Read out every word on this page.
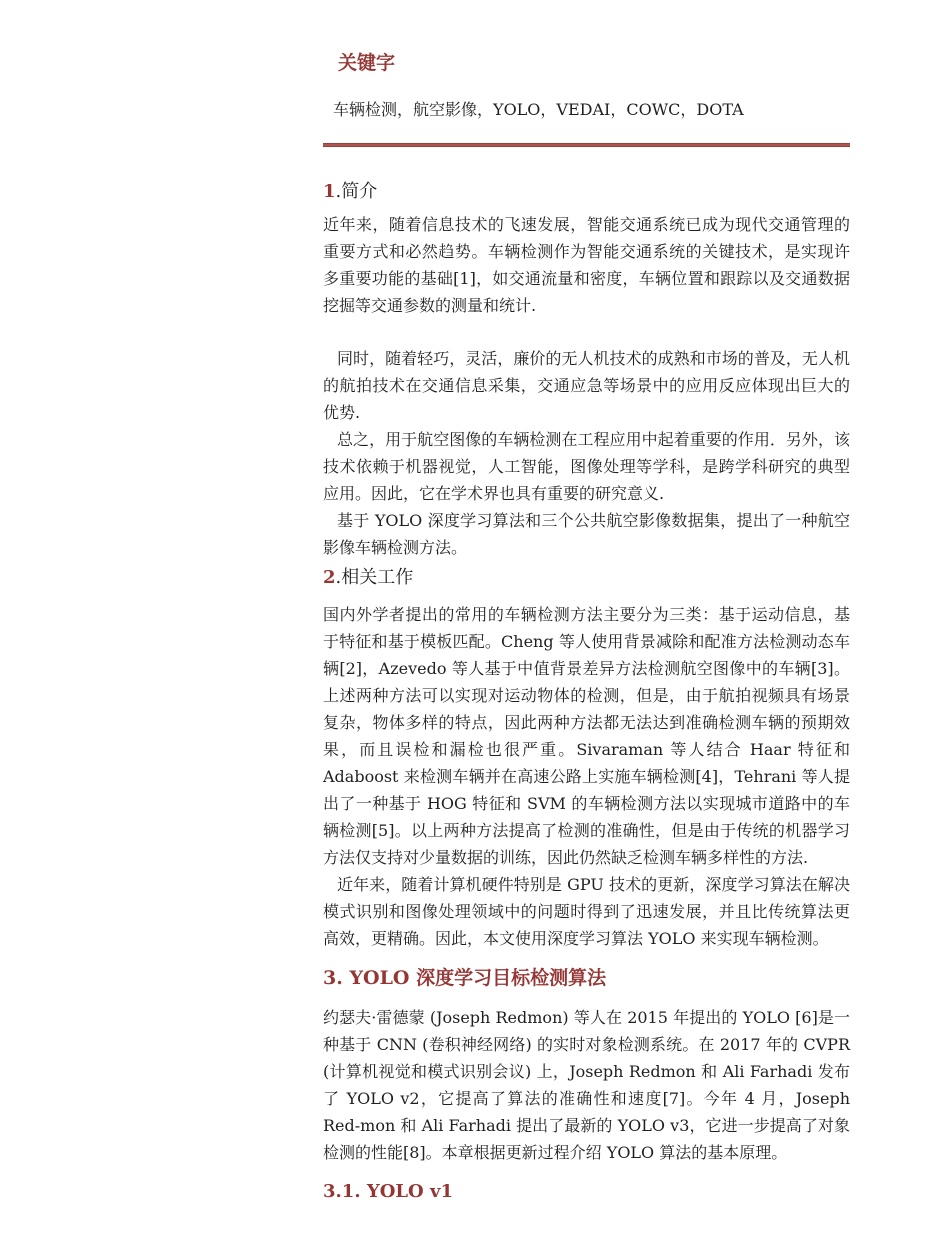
关键字

车辆检测，航空影像，YOLO，VEDAI，COWC，DOTA

1.简介

近年来，随着信息技术的飞速发展，智能交通系统已成为现代交通管理的重要方式和必然趋势。车辆检测作为智能交通系统的关键技术，是实现许多重要功能的基础[1]，如交通流量和密度，车辆位置和跟踪以及交通数据挖掘等交通参数的测量和统计.

同时，随着轻巧，灵活，廉价的无人机技术的成熟和市场的普及，无人机的航拍技术在交通信息采集，交通应急等场景中的应用反应体现出巨大的优势.

总之，用于航空图像的车辆检测在工程应用中起着重要的作用．另外，该技术依赖于机器视觉，人工智能，图像处理等学科，是跨学科研究的典型应用。因此，它在学术界也具有重要的研究意义.

基于 YOLO 深度学习算法和三个公共航空影像数据集，提出了一种航空影像车辆检测方法。

2.相关工作

国内外学者提出的常用的车辆检测方法主要分为三类：基于运动信息，基于特征和基于模板匹配。Cheng 等人使用背景减除和配准方法检测动态车辆[2]，Azevedo 等人基于中值背景差异方法检测航空图像中的车辆[3]。上述两种方法可以实现对运动物体的检测，但是，由于航拍视频具有场景复杂，物体多样的特点，因此两种方法都无法达到准确检测车辆的预期效果，而且误检和漏检也很严重。Sivaraman 等人结合 Haar 特征和 Adaboost 来检测车辆并在高速公路上实施车辆检测[4]，Tehrani 等人提出了一种基于 HOG 特征和 SVM 的车辆检测方法以实现城市道路中的车辆检测[5]。以上两种方法提高了检测的准确性，但是由于传统的机器学习方法仅支持对少量数据的训练，因此仍然缺乏检测车辆多样性的方法.

近年来，随着计算机硬件特别是 GPU 技术的更新，深度学习算法在解决模式识别和图像处理领域中的问题时得到了迅速发展，并且比传统算法更高效，更精确。因此，本文使用深度学习算法 YOLO 来实现车辆检测。

3. YOLO 深度学习目标检测算法

约瑟夫·雷德蒙 (Joseph Redmon) 等人在 2015 年提出的 YOLO [6]是一种基于 CNN (卷积神经网络) 的实时对象检测系统。在 2017 年的 CVPR (计算机视觉和模式识别会议) 上，Joseph Redmon 和 Ali Farhadi 发布了 YOLO v2，它提高了算法的准确性和速度[7]。今年 4 月，Joseph Red-mon 和 Ali Farhadi 提出了最新的 YOLO v3，它进一步提高了对象检测的性能[8]。本章根据更新过程介绍 YOLO 算法的基本原理。

3.1. YOLO v1
